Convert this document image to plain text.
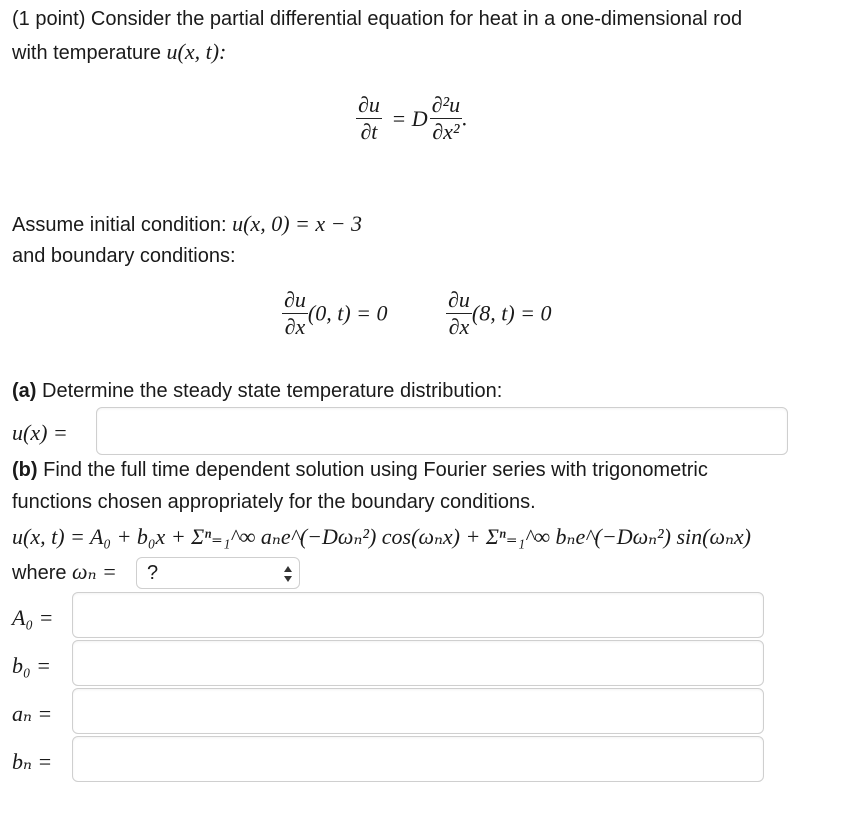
(1 point) Consider the partial differential equation for heat in a one-dimensional rod
with temperature u(x, t):
$\frac{\partial u}{\partial t} = D \frac{\text{∂²u}}{\text{∂x²}}$ .
Assume initial condition: u(x, 0) = x − 3
and boundary conditions:
$\frac{\partial u}{\partial x} (0$, t) = 0	$\frac{\partial u}{\partial x} (8$, t) = 0
(a) Determine the steady state temperature distribution:
u(x) =
(b) Find the full time dependent solution using Fourier series with trigonometric
functions chosen appropriately for the boundary conditions.
u(x, t) = A₀ + b₀x + Σⁿ₌₁^∞ aₙe^(−Dωₙ²) cos(ωₙx) + Σⁿ₌₁^∞ bₙe^(−Dωₙ²) sin(ωₙx)
where ωₙ =	?
A₀ =
b₀ =
aₙ =
bₙ =
